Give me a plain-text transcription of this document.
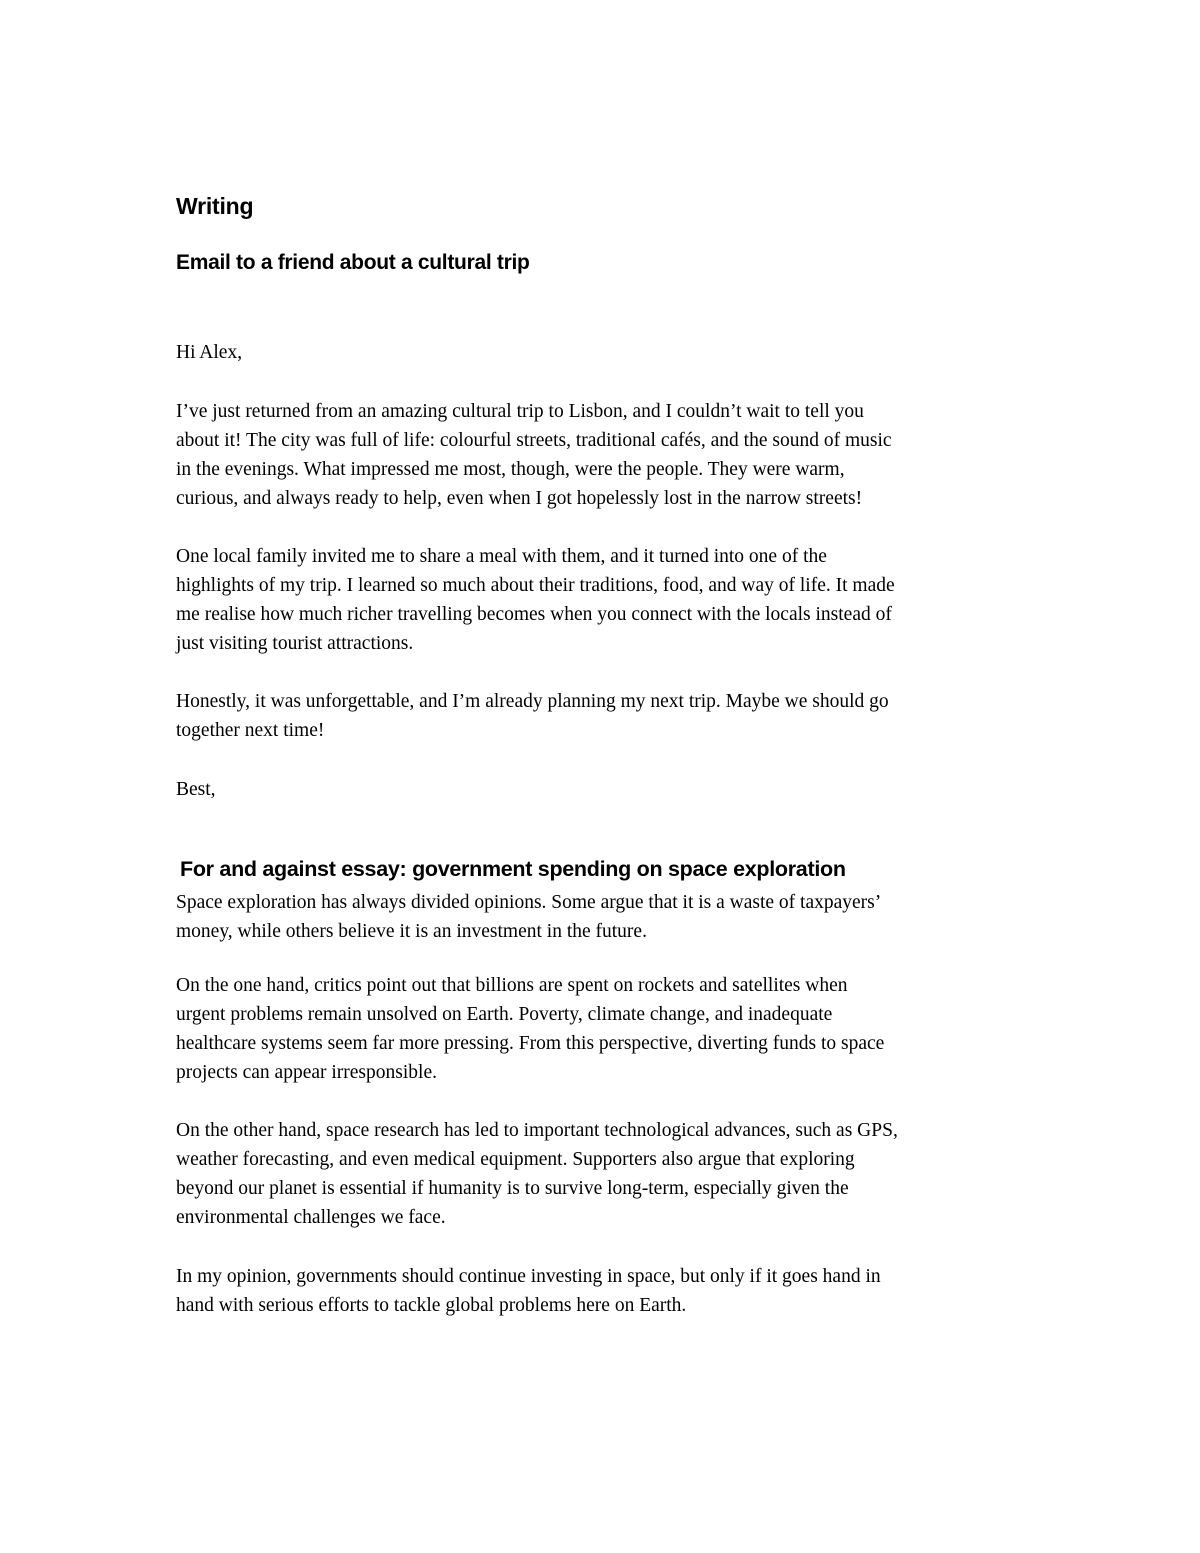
Writing
Email to a friend about a cultural trip

Hi Alex,

I’ve just returned from an amazing cultural trip to Lisbon, and I couldn’t wait to tell you
about it! The city was full of life: colourful streets, traditional cafés, and the sound of music
in the evenings. What impressed me most, though, were the people. They were warm,
curious, and always ready to help, even when I got hopelessly lost in the narrow streets!

One local family invited me to share a meal with them, and it turned into one of the
highlights of my trip. I learned so much about their traditions, food, and way of life. It made
me realise how much richer travelling becomes when you connect with the locals instead of
just visiting tourist attractions.

Honestly, it was unforgettable, and I’m already planning my next trip. Maybe we should go
together next time!

Best,

For and against essay: government spending on space exploration

Space exploration has always divided opinions. Some argue that it is a waste of taxpayers’
money, while others believe it is an investment in the future.

On the one hand, critics point out that billions are spent on rockets and satellites when
urgent problems remain unsolved on Earth. Poverty, climate change, and inadequate
healthcare systems seem far more pressing. From this perspective, diverting funds to space
projects can appear irresponsible.

On the other hand, space research has led to important technological advances, such as GPS,
weather forecasting, and even medical equipment. Supporters also argue that exploring
beyond our planet is essential if humanity is to survive long-term, especially given the
environmental challenges we face.

In my opinion, governments should continue investing in space, but only if it goes hand in
hand with serious efforts to tackle global problems here on Earth.
